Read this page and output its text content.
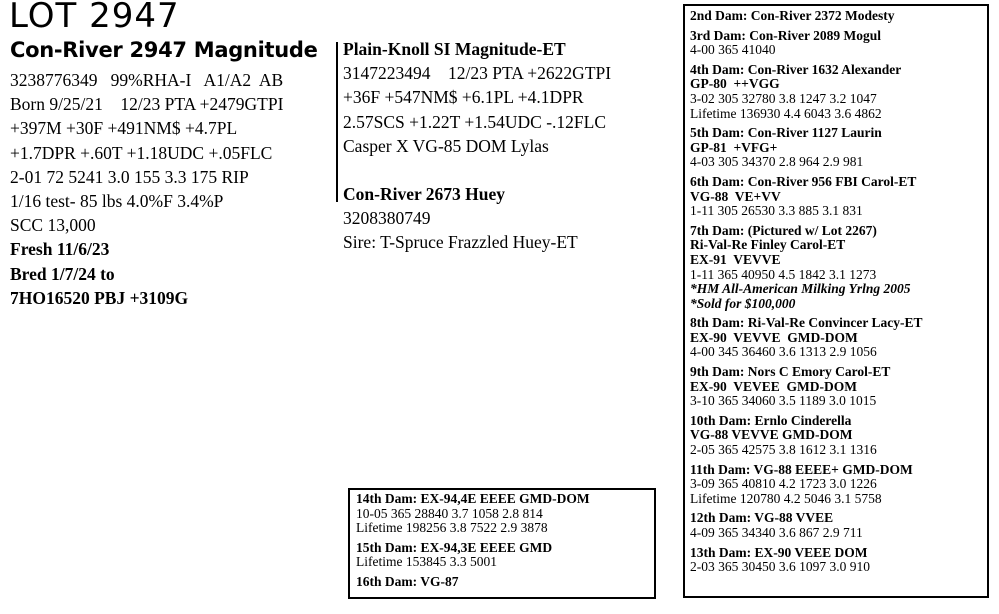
LOT 2947
Con-River 2947 Magnitude
3238776349   99%RHA-I   A1/A2  AB
Born 9/25/21    12/23 PTA +2479GTPI
+397M +30F +491NM$ +4.7PL
+1.7DPR +.60T +1.18UDC +.05FLC
2-01 72 5241 3.0 155 3.3 175 RIP
1/16 test- 85 lbs 4.0%F 3.4%P
SCC 13,000
Fresh 11/6/23
Bred 1/7/24 to
7HO16520 PBJ +3109G
Plain-Knoll SI Magnitude-ET
3147223494    12/23 PTA +2622GTPI
+36F +547NM$ +6.1PL +4.1DPR
2.57SCS +1.22T +1.54UDC -.12FLC
Casper X VG-85 DOM Lylas
Con-River 2673 Huey
3208380749
Sire: T-Spruce Frazzled Huey-ET
2nd Dam: Con-River 2372 Modesty
3rd Dam: Con-River 2089 Mogul
4-00 365 41040
4th Dam: Con-River 1632 Alexander
GP-80  ++VGG
3-02 305 32780 3.8 1247 3.2 1047
Lifetime 136930 4.4 6043 3.6 4862
5th Dam: Con-River 1127 Laurin
GP-81  +VFG+
4-03 305 34370 2.8 964 2.9 981
6th Dam: Con-River 956 FBI Carol-ET
VG-88  VE+VV
1-11 305 26530 3.3 885 3.1 831
7th Dam: (Pictured w/ Lot 2267)
Ri-Val-Re Finley Carol-ET
EX-91  VEVVE
1-11 365 40950 4.5 1842 3.1 1273
*HM All-American Milking Yrlng 2005
*Sold for $100,000
8th Dam: Ri-Val-Re Convincer Lacy-ET
EX-90  VEVVE  GMD-DOM
4-00 345 36460 3.6 1313 2.9 1056
9th Dam: Nors C Emory Carol-ET
EX-90  VEVEE  GMD-DOM
3-10 365 34060 3.5 1189 3.0 1015
10th Dam: Ernlo Cinderella
VG-88 VEVVE GMD-DOM
2-05 365 42575 3.8 1612 3.1 1316
11th Dam: VG-88 EEEE+ GMD-DOM
3-09 365 40810 4.2 1723 3.0 1226
Lifetime 120780 4.2 5046 3.1 5758
12th Dam: VG-88 VVEE
4-09 365 34340 3.6 867 2.9 711
13th Dam: EX-90 VEEE DOM
2-03 365 30450 3.6 1097 3.0 910
14th Dam: EX-94,4E EEEE GMD-DOM
10-05 365 28840 3.7 1058 2.8 814
Lifetime 198256 3.8 7522 2.9 3878
15th Dam: EX-94,3E EEEE GMD
Lifetime 153845 3.3 5001
16th Dam: VG-87
